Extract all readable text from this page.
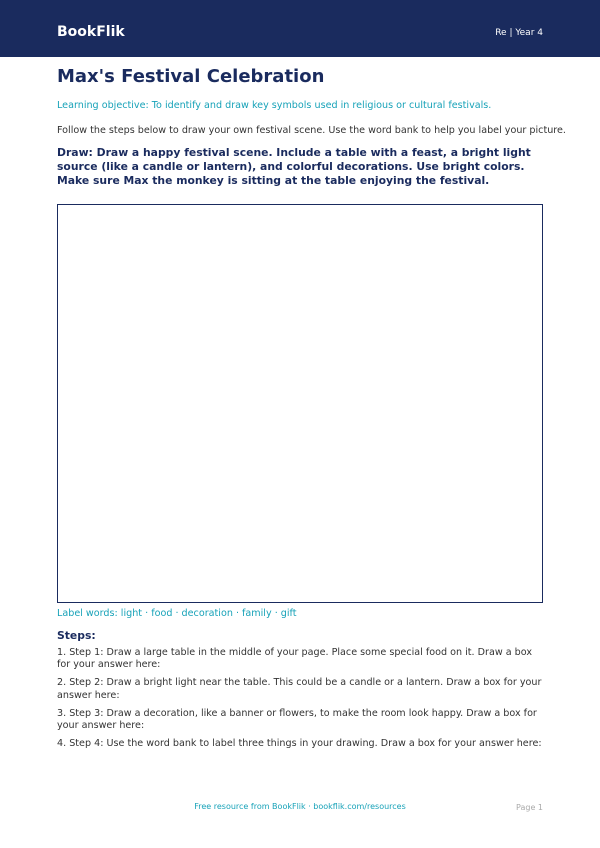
BookFlik	Re | Year 4
Max's Festival Celebration
Learning objective: To identify and draw key symbols used in religious or cultural festivals.
Follow the steps below to draw your own festival scene. Use the word bank to help you label your picture.
Draw: Draw a happy festival scene. Include a table with a feast, a bright light source (like a candle or lantern), and colorful decorations. Use bright colors. Make sure Max the monkey is sitting at the table enjoying the festival.
Label words: light · food · decoration · family · gift
Steps:
1. Step 1: Draw a large table in the middle of your page. Place some special food on it. Draw a box for your answer here:
2. Step 2: Draw a bright light near the table. This could be a candle or a lantern. Draw a box for your answer here:
3. Step 3: Draw a decoration, like a banner or flowers, to make the room look happy. Draw a box for your answer here:
4. Step 4: Use the word bank to label three things in your drawing. Draw a box for your answer here:
Free resource from BookFlik · bookflik.com/resources	Page 1
